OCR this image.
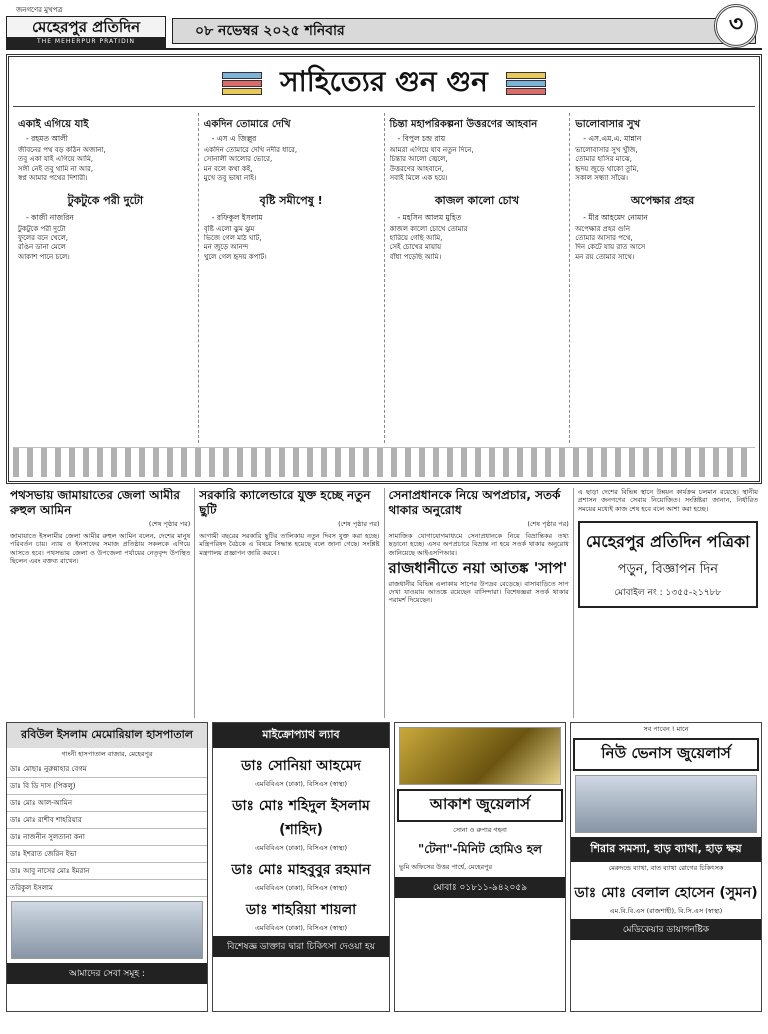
জনগণের মুখপত্র
মেহেরপুর প্রতিদিন
THE MEHERPUR PRATIDIN
০৮ নভেম্বর ২০২৫ শনিবার	৩
সাহিত্যের গুন গুন
একাই এগিয়ে যাই
- রহমত আলী
জীবনের পথ বড় কঠিন অজানা,
তবু একা যাই এগিয়ে আমি,
সঙ্গী নেই তবু থামি না আর,
স্বপ্ন আমার পথের দিশারী।
টুকটুকে পরী দুটো
- কাজী নাজরিন
টুকটুকে পরী দুটো
ফুলের বনে খেলে,
রঙিন ডানা মেলে
আকাশ পানে চলে।
একদিন তোমারে দেখি
- এস এ জিল্লুর
একদিন তোমারে দেখি নদীর ধারে,
সোনালী আলোর ভোরে,
মন বলে কথা কই,
মুখে তবু ভাষা নাই।
বৃষ্টি সমীপেষু !
- রফিকুল ইসলাম
বৃষ্টি এলো ঝুম ঝুম
ভিজে গেল মাঠ ঘাট,
মন জুড়ে আনন্দ
খুলে গেল হৃদয় কপাট।
চিন্তা মহাপরিকল্পনা উত্তরণের আহবান
- বিপুল চন্দ্র রায়
আমরা এগিয়ে যাব নতুন দিনে,
চিন্তার আলো জ্বেলে,
উত্তরণের আহবানে,
সবাই মিলে এক হয়ে।
কাজল কালো চোখ
- মহসিন আলম মুহিত
কাজল কালো চোখে তোমার
হারিয়ে গেছি আমি,
সেই চোখের মায়ায়
বাঁধা পড়েছি আমি।
ভালোবাসার সুখ
- এস.এম.এ. মান্নান
ভালোবাসার সুখ খুঁজি,
তোমার হাসির মাঝে,
হৃদয় জুড়ে থাকো তুমি,
সকাল সন্ধ্যা সাঁঝে।
অপেক্ষার প্রহর
- মীর আহমেদ নোমান
অপেক্ষার প্রহর গুনি
তোমার আসার পথে,
দিন কেটে যায় রাত আসে
মন রয় তোমার সাথে।
পথসভায় জামায়াতের জেলা আমীর রুহুল আমিন
(শেষ পৃষ্ঠার পর)
জামায়াতে ইসলামীর জেলা আমীর রুহুল আমিন বলেন, দেশের মানুষ পরিবর্তন চায়। ন্যায় ও ইনসাফের সমাজ প্রতিষ্ঠায় সকলকে এগিয়ে আসতে হবে। পথসভায় জেলা ও উপজেলা পর্যায়ের নেতৃবৃন্দ উপস্থিত ছিলেন এবং বক্তব্য রাখেন।
সরকারি ক্যালেন্ডারে যুক্ত হচ্ছে নতুন ছুটি
(শেষ পৃষ্ঠার পর)
আগামী বছরের সরকারি ছুটির তালিকায় নতুন দিবস যুক্ত করা হচ্ছে। মন্ত্রিপরিষদ বৈঠকে এ বিষয়ে সিদ্ধান্ত হয়েছে বলে জানা গেছে। সংশ্লিষ্ট মন্ত্রণালয় প্রজ্ঞাপন জারি করবে।
সেনাপ্রধানকে নিয়ে অপপ্রচার, সতর্ক থাকার অনুরোধ
(শেষ পৃষ্ঠার পর)
সামাজিক যোগাযোগমাধ্যমে সেনাপ্রধানকে নিয়ে বিভ্রান্তিকর তথ্য ছড়ানো হচ্ছে। এসব অপপ্রচারে বিভ্রান্ত না হয়ে সতর্ক থাকার অনুরোধ জানিয়েছে আইএসপিআর।
রাজধানীতে নয়া আতঙ্ক 'সাপ'
রাজধানীর বিভিন্ন এলাকায় সাপের উপদ্রব বেড়েছে। বাসাবাড়িতে সাপ দেখা যাওয়ায় আতঙ্কে রয়েছেন বাসিন্দারা। বিশেষজ্ঞরা সতর্ক থাকার পরামর্শ দিয়েছেন।
এ ছাড়া দেশের বিভিন্ন স্থানে উন্নয়ন কার্যক্রম চলমান রয়েছে। স্থানীয় প্রশাসন জনগণের সেবায় নিয়োজিত। সংশ্লিষ্টরা জানান, নির্ধারিত সময়ের মধ্যেই কাজ শেষ হবে বলে আশা করা হচ্ছে।
মেহেরপুর প্রতিদিন পত্রিকা
পড়ুন, বিজ্ঞাপন দিন
মোবাইল নং : ১৩৫৫-২১৭৮৮
রবিউল ইসলাম মেমোরিয়াল হাসপাতাল
গাংনী হাসপাতাল বাজার, মেহেরপুর
ডাঃ মোছাঃ নুরুন্নাহার বেগম
ডাঃ বি ডি দাস (পিকলু)
ডাঃ মোঃ আল-আমিন
ডাঃ মোঃ রাশীব শাহরিয়ার
ডাঃ নাজনীন সুলতানা কনা
ডাঃ ইশরাত জেরিন ইভা
ডাঃ আবু নাসের মোঃ ইমরান
তরিকুল ইসলাম
আমাদের সেবা সমূহ :
মাইক্রোপ্যাথ ল্যাব
ডাঃ সোনিয়া আহমেদ
এমবিবিএস (ঢাকা), বিসিএস (স্বাস্থ্য)
ডাঃ মোঃ শহিদুল ইসলাম (শাহিদ)
এমবিবিএস (ঢাকা), বিসিএস (স্বাস্থ্য)
ডাঃ মোঃ মাহবুবুর রহমান
এমবিবিএস (ঢাকা), বিসিএস (স্বাস্থ্য)
ডাঃ শাহরিয়া শায়লা
এমবিবিএস (ঢাকা), বিসিএস (স্বাস্থ্য)
বিশেষজ্ঞ ডাক্তার দ্বারা চিকিৎসা দেওয়া হয়
আকাশ জুয়েলার্স
সোনা ও রুপার গহনা
"টেনা"-মিনিট হোমিও হল
ভুমি অফিসের উত্তর পার্শ্বে, মেহেরপুর
মোবাঃ ০১৮১১-৯৪২০৫৯
সব পাবেন ! মানে
নিউ ভেনাস জুয়েলার্স
শিরার সমস্যা, হাড় ব্যাথা, হাড় ক্ষয়
মেরুদন্ডে ব্যাথা, বাত ব্যাথা রোগের চিকিৎসক
ডাঃ মোঃ বেলাল হোসেন (সুমন)
এম.বি.বি.এস (রাজশাহী), বি.সি.এস (স্বাস্থ্য)
মেডিকেয়ার ডায়াগনষ্টিক
